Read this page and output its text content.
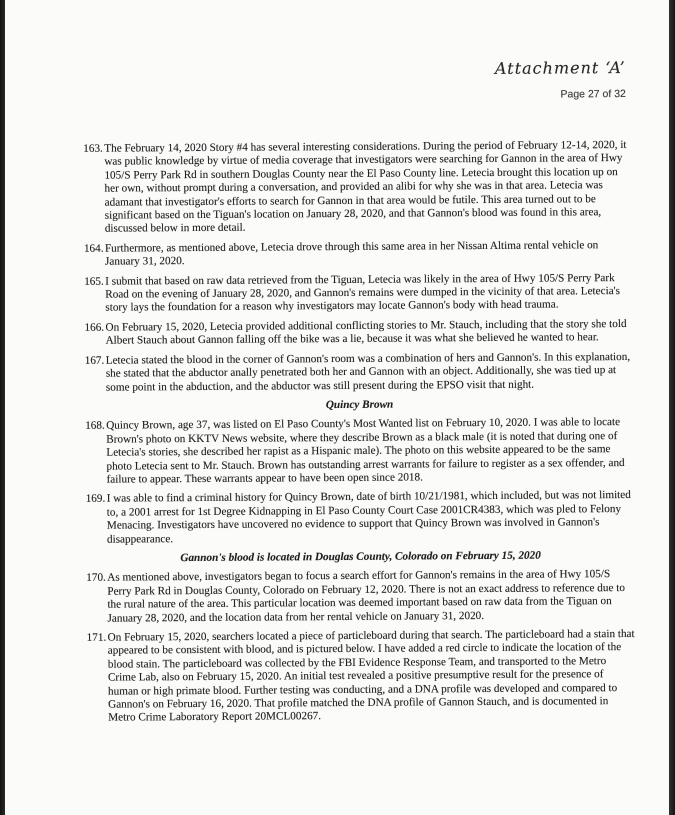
Attachment ‘A’
Page 27 of 32
163. The February 14, 2020 Story #4 has several interesting considerations. During the period of February 12-14, 2020, it was public knowledge by virtue of media coverage that investigators were searching for Gannon in the area of Hwy 105/S Perry Park Rd in southern Douglas County near the El Paso County line. Letecia brought this location up on her own, without prompt during a conversation, and provided an alibi for why she was in that area. Letecia was adamant that investigator's efforts to search for Gannon in that area would be futile. This area turned out to be significant based on the Tiguan's location on January 28, 2020, and that Gannon's blood was found in this area, discussed below in more detail.
164. Furthermore, as mentioned above, Letecia drove through this same area in her Nissan Altima rental vehicle on January 31, 2020.
165. I submit that based on raw data retrieved from the Tiguan, Letecia was likely in the area of Hwy 105/S Perry Park Road on the evening of January 28, 2020, and Gannon's remains were dumped in the vicinity of that area. Letecia's story lays the foundation for a reason why investigators may locate Gannon's body with head trauma.
166. On February 15, 2020, Letecia provided additional conflicting stories to Mr. Stauch, including that the story she told Albert Stauch about Gannon falling off the bike was a lie, because it was what she believed he wanted to hear.
167. Letecia stated the blood in the corner of Gannon's room was a combination of hers and Gannon's. In this explanation, she stated that the abductor anally penetrated both her and Gannon with an object. Additionally, she was tied up at some point in the abduction, and the abductor was still present during the EPSO visit that night.
Quincy Brown
168. Quincy Brown, age 37, was listed on El Paso County's Most Wanted list on February 10, 2020. I was able to locate Brown's photo on KKTV News website, where they describe Brown as a black male (it is noted that during one of Letecia's stories, she described her rapist as a Hispanic male). The photo on this website appeared to be the same photo Letecia sent to Mr. Stauch. Brown has outstanding arrest warrants for failure to register as a sex offender, and failure to appear. These warrants appear to have been open since 2018.
169. I was able to find a criminal history for Quincy Brown, date of birth 10/21/1981, which included, but was not limited to, a 2001 arrest for 1st Degree Kidnapping in El Paso County Court Case 2001CR4383, which was pled to Felony Menacing. Investigators have uncovered no evidence to support that Quincy Brown was involved in Gannon's disappearance.
Gannon's blood is located in Douglas County, Colorado on February 15, 2020
170. As mentioned above, investigators began to focus a search effort for Gannon's remains in the area of Hwy 105/S Perry Park Rd in Douglas County, Colorado on February 12, 2020. There is not an exact address to reference due to the rural nature of the area. This particular location was deemed important based on raw data from the Tiguan on January 28, 2020, and the location data from her rental vehicle on January 31, 2020.
171. On February 15, 2020, searchers located a piece of particleboard during that search. The particleboard had a stain that appeared to be consistent with blood, and is pictured below. I have added a red circle to indicate the location of the blood stain. The particleboard was collected by the FBI Evidence Response Team, and transported to the Metro Crime Lab, also on February 15, 2020. An initial test revealed a positive presumptive result for the presence of human or high primate blood. Further testing was conducting, and a DNA profile was developed and compared to Gannon's on February 16, 2020. That profile matched the DNA profile of Gannon Stauch, and is documented in Metro Crime Laboratory Report 20MCL00267.
